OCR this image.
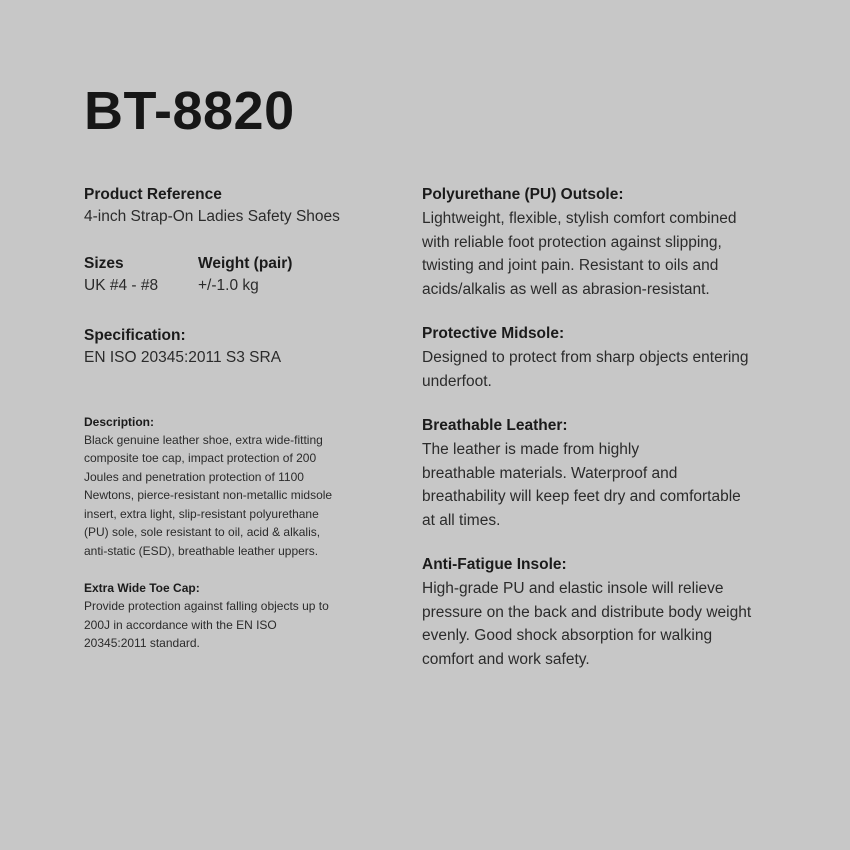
BT-8820
Product Reference
4-inch Strap-On Ladies Safety Shoes
Sizes
UK #4 - #8
Weight (pair)
+/-1.0 kg
Specification:
EN ISO 20345:2011 S3 SRA
Description:
Black genuine leather shoe, extra wide-fitting
composite toe cap, impact protection of 200
Joules and penetration protection of 1100
Newtons, pierce-resistant non-metallic midsole
insert, extra light, slip-resistant polyurethane
(PU) sole, sole resistant to oil, acid & alkalis,
anti-static (ESD), breathable leather uppers.
Extra Wide Toe Cap:
Provide protection against falling objects up to
200J in accordance with the EN ISO
20345:2011 standard.
Polyurethane (PU) Outsole:
Lightweight, flexible, stylish comfort combined
with reliable foot protection against slipping,
twisting and joint pain. Resistant to oils and
acids/alkalis as well as abrasion-resistant.
Protective Midsole:
Designed to protect from sharp objects entering
underfoot.
Breathable Leather:
The leather is made from highly
breathable materials. Waterproof and
breathability will keep feet dry and comfortable
at all times.
Anti-Fatigue Insole:
High-grade PU and elastic insole will relieve
pressure on the back and distribute body weight
evenly. Good shock absorption for walking
comfort and work safety.
